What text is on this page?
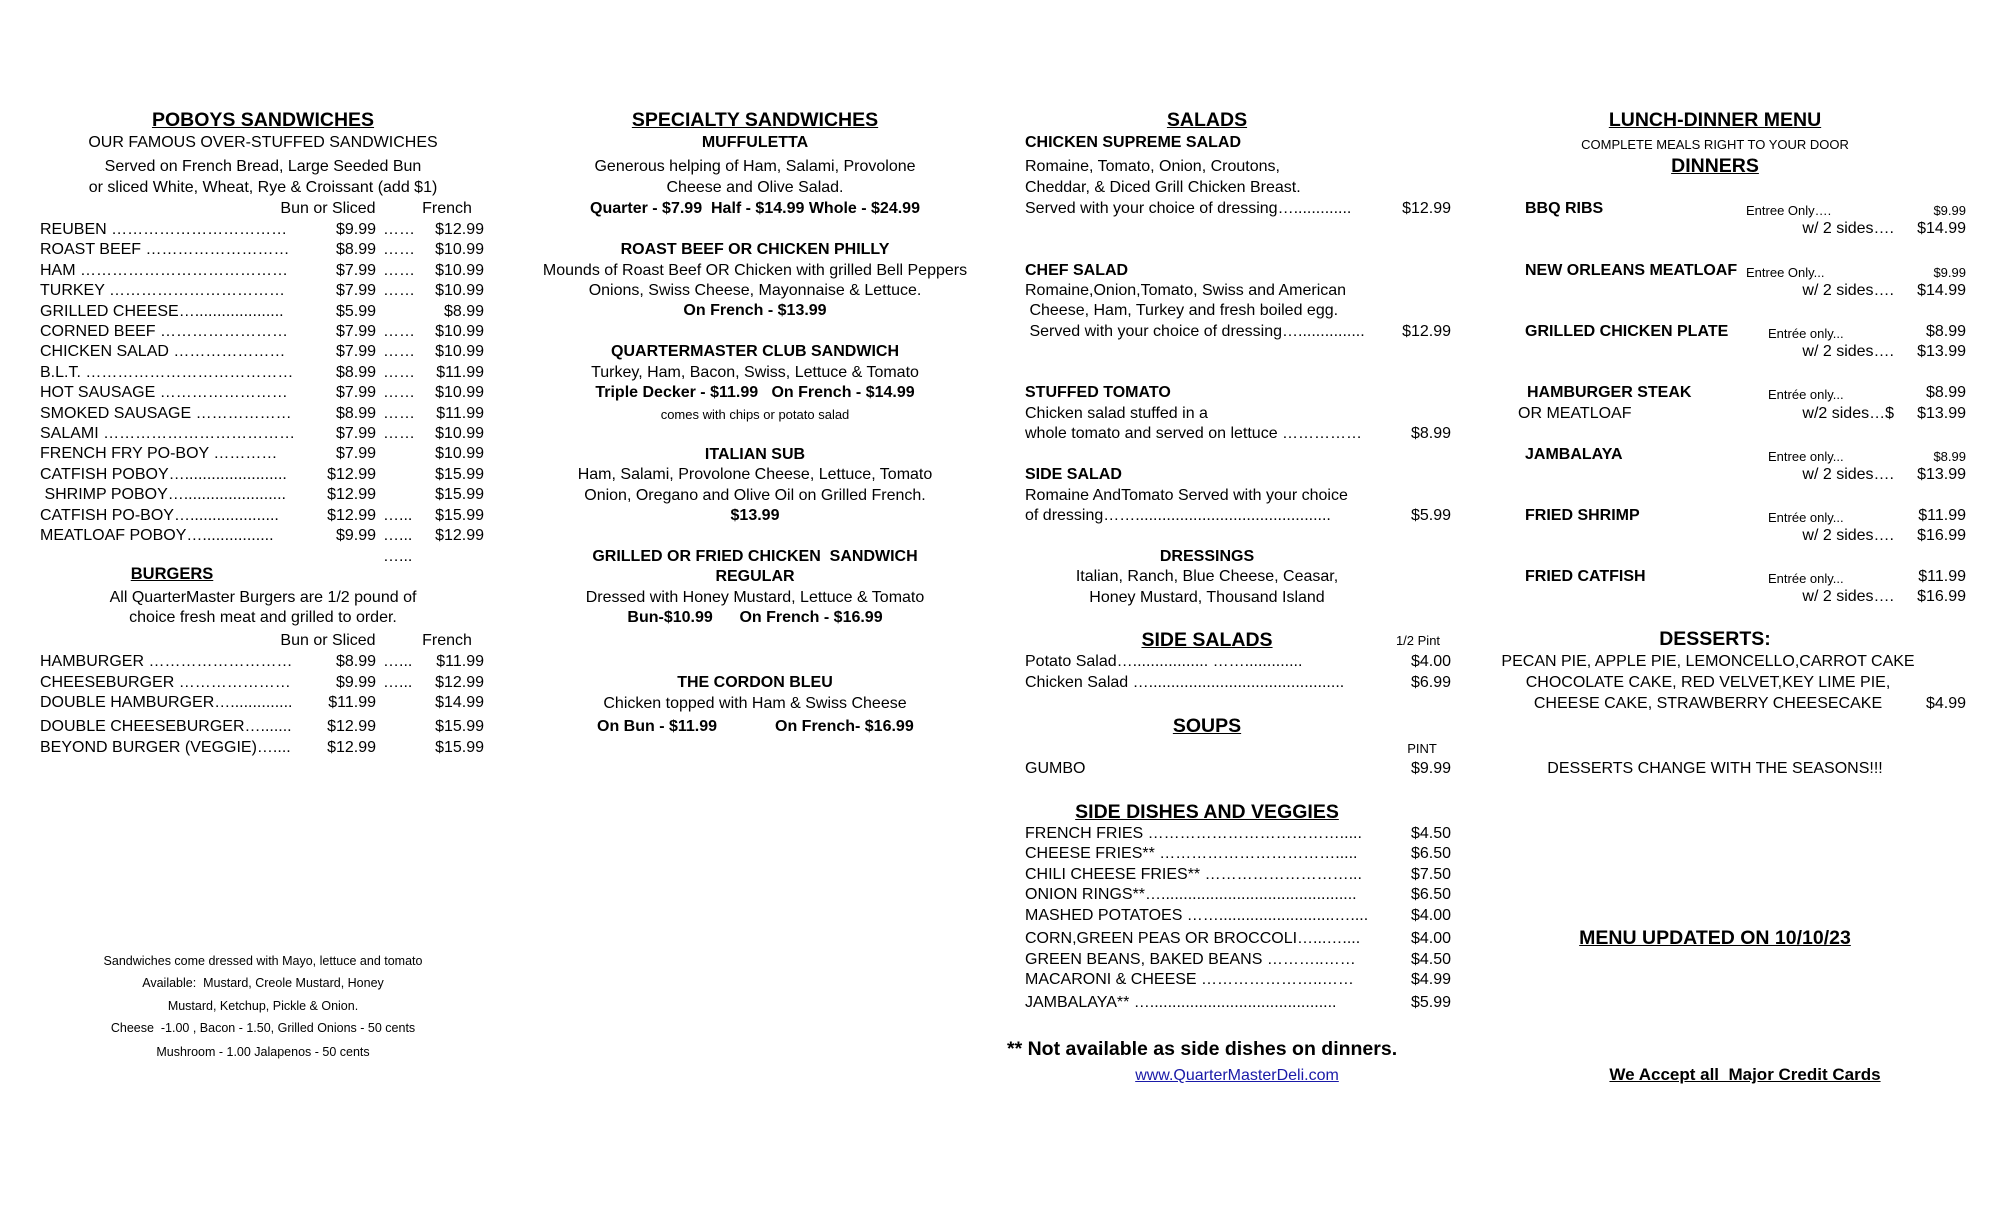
POBOYS SANDWICHES
OUR FAMOUS OVER-STUFFED SANDWICHES
Served on French Bread, Large Seeded Bun
or sliced White, Wheat, Rye & Croissant (add $1)
Bun or Sliced	French
REUBEN ……………………………	$9.99 …… $12.99
ROAST BEEF ………………………	$8.99 …… $10.99
HAM …………………………………	$7.99 …… $10.99
TURKEY ……………………………	$7.99 …… $10.99
GRILLED CHEESE…....................	$5.99	$8.99
CORNED BEEF ……………………	$7.99 …… $10.99
CHICKEN SALAD …………………	$7.99 …… $10.99
B.L.T. …………………………………	$8.99 …… $11.99
HOT SAUSAGE ……………………	$7.99 …… $10.99
SMOKED SAUSAGE ………………	$8.99 …… $11.99
SALAMI ………………………………	$7.99 …… $10.99
FRENCH FRY PO-BOY …………	$7.99	$10.99
CATFISH POBOY….......................	$12.99	$15.99
SHRIMP POBOY….......................	$12.99	$15.99
CATFISH PO-BOY…....................	$12.99 …... $15.99
MEATLOAF POBOY…................	$9.99 …... $12.99
…...
BURGERS
All QuarterMaster Burgers are 1/2 pound of
choice fresh meat and grilled to order.
Bun or Sliced	French
HAMBURGER ………………………	$8.99 …... $11.99
CHEESEBURGER …………………	$9.99 …... $12.99
DOUBLE HAMBURGER….............. $11.99	$14.99
DOUBLE CHEESEBURGER…....... $12.99	$15.99
BEYOND BURGER (VEGGIE)….... $12.99	$15.99
Sandwiches come dressed with Mayo, lettuce and tomato
Available:  Mustard, Creole Mustard, Honey
Mustard, Ketchup, Pickle & Onion.
Cheese  -1.00 , Bacon - 1.50, Grilled Onions - 50 cents
Mushroom - 1.00 Jalapenos - 50 cents
SPECIALTY SANDWICHES
MUFFULETTA
Generous helping of Ham, Salami, Provolone
Cheese and Olive Salad.
Quarter - $7.99  Half - $14.99 Whole - $24.99
ROAST BEEF OR CHICKEN PHILLY
Mounds of Roast Beef OR Chicken with grilled Bell Peppers
Onions, Swiss Cheese, Mayonnaise & Lettuce.
On French - $13.99
QUARTERMASTER CLUB SANDWICH
Turkey, Ham, Bacon, Swiss, Lettuce & Tomato
Triple Decker - $11.99   On French - $14.99
comes with chips or potato salad
ITALIAN SUB
Ham, Salami, Provolone Cheese, Lettuce, Tomato
Onion, Oregano and Olive Oil on Grilled French.
$13.99
GRILLED OR FRIED CHICKEN  SANDWICH
REGULAR
Dressed with Honey Mustard, Lettuce & Tomato
Bun-$10.99      On French - $16.99
THE CORDON BLEU
Chicken topped with Ham & Swiss Cheese
On Bun - $11.99	On French- $16.99
SALADS
CHICKEN SUPREME SALAD
Romaine, Tomato, Onion, Croutons,
Cheddar, & Diced Grill Chicken Breast.
Served with your choice of dressing….............	$12.99
CHEF SALAD
Romaine,Onion,Tomato, Swiss and American
Cheese, Ham, Turkey and fresh boiled egg.
Served with your choice of dressing…............... $12.99
STUFFED TOMATO
Chicken salad stuffed in a
whole tomato and served on lettuce ……………	$8.99
SIDE SALAD
Romaine AndTomato Served with your choice
of dressing……............................................	$5.99
DRESSINGS
Italian, Ranch, Blue Cheese, Ceasar,
Honey Mustard, Thousand Island
SIDE SALADS	1/2 Pint
Potato Salad…................. …….............	$4.00
Chicken Salad …............................................	$6.99
SOUPS
PINT
GUMBO	$9.99
SIDE DISHES AND VEGGIES
FRENCH FRIES ……………………………….....	$4.50
CHEESE FRIES** …………………………….....	$6.50
CHILI CHEESE FRIES** ………………………...	$7.50
ONION RINGS**…............................................	$6.50
MASHED POTATOES ……..........................…....	$4.00
CORN,GREEN PEAS OR BROCCOLI…...…....	$4.00
GREEN BEANS, BAKED BEANS ………..……	$4.50
MACARONI & CHEESE …………………..……	$4.99
JAMBALAYA** …..........................................	$5.99
** Not available as side dishes on dinners.
www.QuarterMasterDeli.com
LUNCH-DINNER MENU
COMPLETE MEALS RIGHT TO YOUR DOOR
DINNERS
BBQ RIBS	Entree Only….	$9.99
w/ 2 sides…. $14.99
NEW ORLEANS MEATLOAF Entree Only...	$9.99
w/ 2 sides…. $14.99
GRILLED CHICKEN PLATE	Entrée only...	$8.99
w/ 2 sides…. $13.99
HAMBURGER STEAK
OR MEATLOAF
Entrée only...	$8.99
w/2 sides…$ $13.99
JAMBALAYA	Entree only...	$8.99
w/ 2 sides…. $13.99
FRIED SHRIMP	Entrée only...	$11.99
w/ 2 sides…. $16.99
FRIED CATFISH	Entrée only...	$11.99
w/ 2 sides…. $16.99
DESSERTS:
PECAN PIE, APPLE PIE, LEMONCELLO,CARROT CAKE
CHOCOLATE CAKE, RED VELVET,KEY LIME PIE,
CHEESE CAKE, STRAWBERRY CHEESECAKE	$4.99
DESSERTS CHANGE WITH THE SEASONS!!!
MENU UPDATED ON 10/10/23
We Accept all  Major Credit Cards
